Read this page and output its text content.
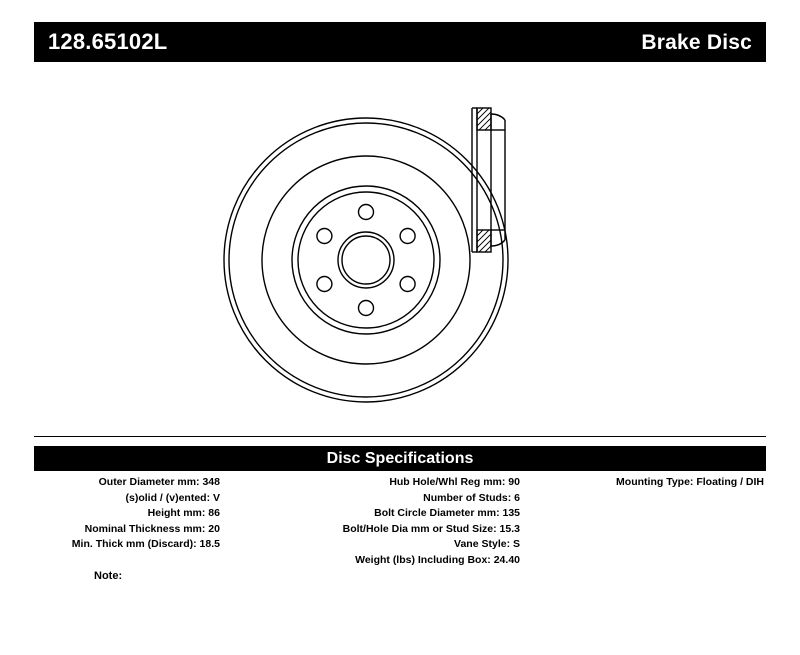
128.65102L	Brake Disc
Disc Specifications
Outer Diameter mm: 348
(s)olid / (v)ented: V
Height mm: 86
Nominal Thickness mm: 20
Min. Thick mm (Discard): 18.5
Hub Hole/Whl Reg mm: 90
Number of Studs: 6
Bolt Circle Diameter mm: 135
Bolt/Hole Dia mm or Stud Size: 15.3
Vane Style: S
Weight (lbs) Including Box: 24.40
Mounting Type: Floating / DIH
Note:
